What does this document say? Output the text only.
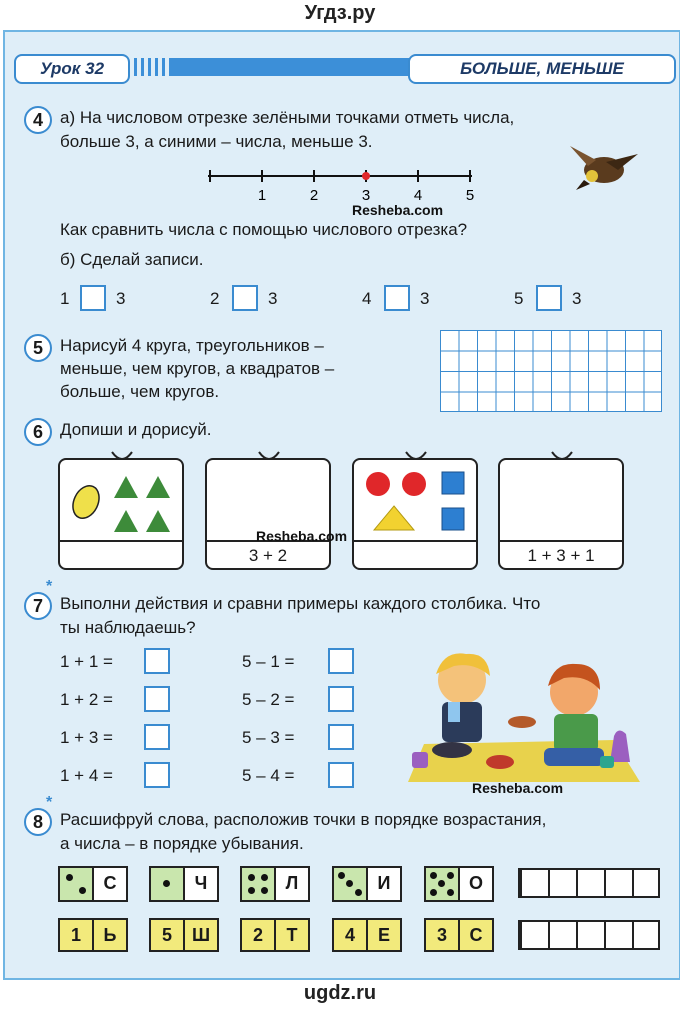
Угдз.ру
Урок 32	БОЛЬШЕ, МЕНЬШЕ
4	а) На числовом отрезке зелёными точками отметь числа,
больше 3, а синими – числа, меньше 3.
1	2	3	4	5
Resheba.com
Как сравнить числа с помощью числового отрезка?
б) Сделай записи.
1	3	2	3	4	3	5	3
5	Нарисуй 4 круга, треугольников –
меньше, чем кругов, а квадратов –
больше, чем кругов.
6	Допиши и дорисуй.
3 + 2
Resheba.com
1 + 3 + 1
7
*
Выполни действия и сравни примеры каждого столбика. Что
ты наблюдаешь?
1 + 1 =
1 + 2 =
1 + 3 =
1 + 4 =
5 – 1 =
5 – 2 =
5 – 3 =
5 – 4 =
Resheba.com
8
*
Расшифруй слова, расположив точки в порядке возрастания,
а числа – в порядке убывания.
С	Ч	Л	И	О
1	Ь	5	Ш	2	Т	4	Е	3	С
ugdz.ru
